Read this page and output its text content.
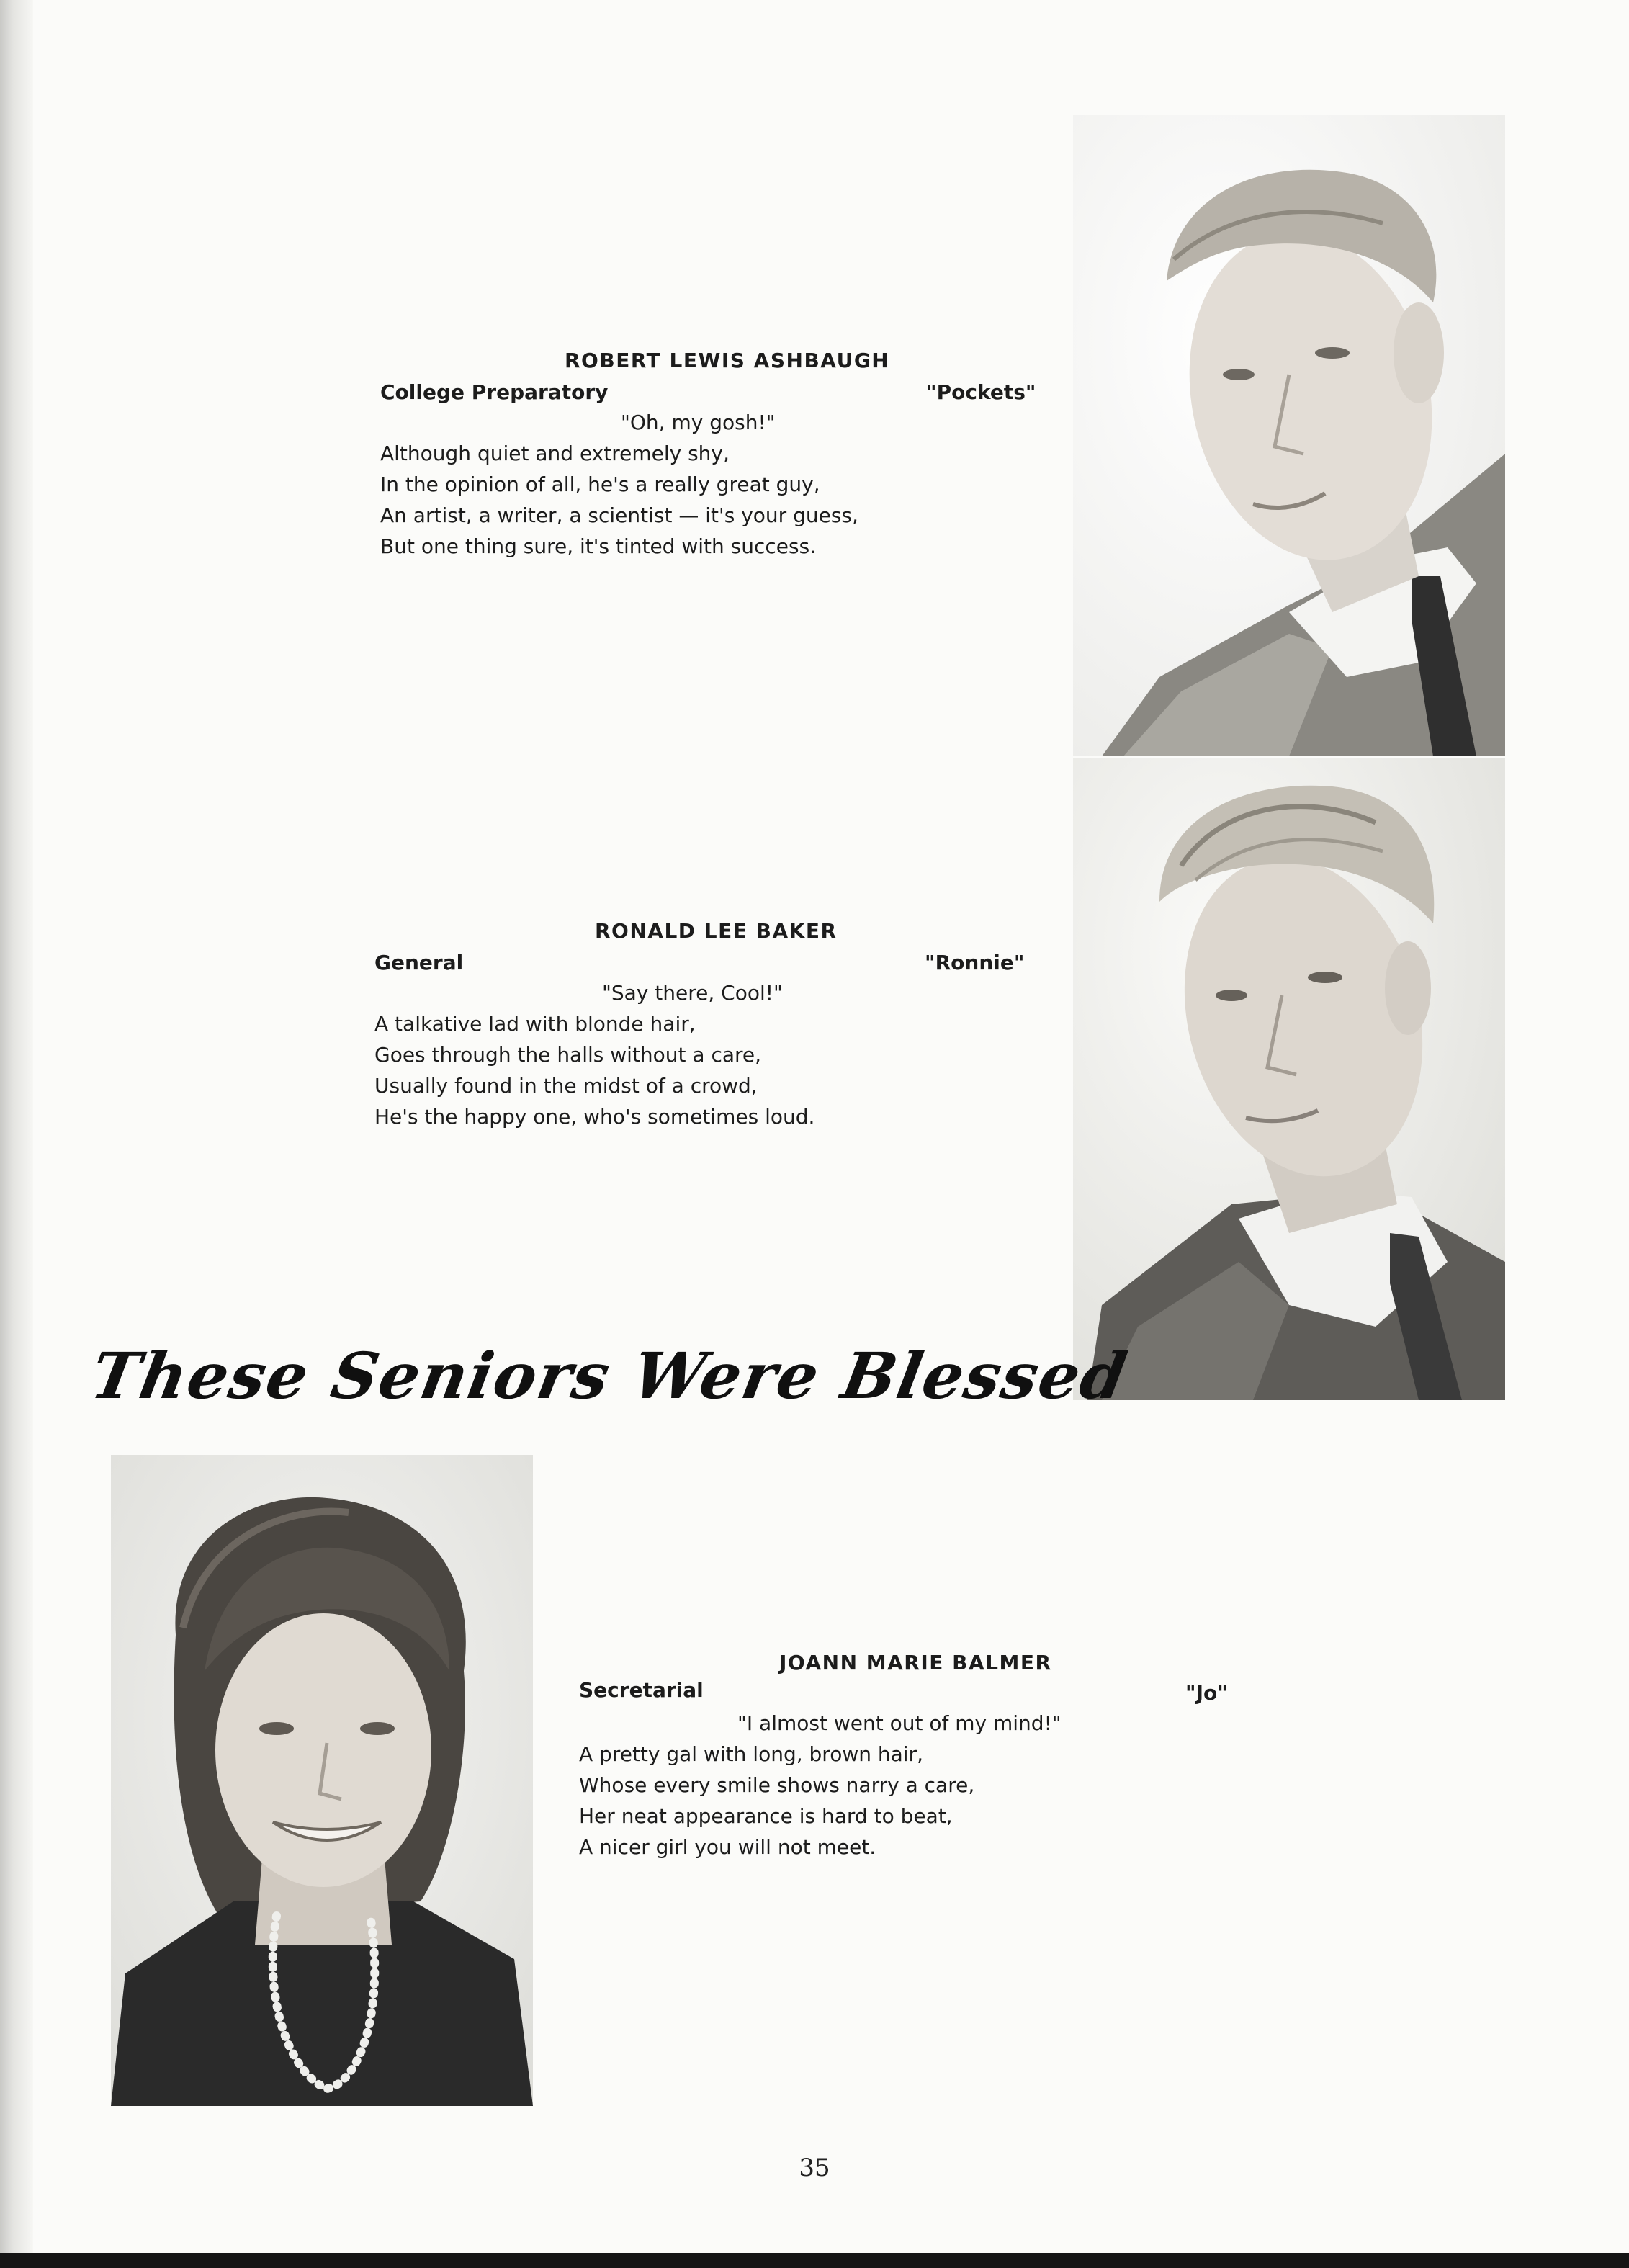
ROBERT LEWIS ASHBAUGH
College Preparatory	"Pockets"
"Oh, my gosh!"
Although quiet and extremely shy,
In the opinion of all, he's a really great guy,
An artist, a writer, a scientist — it's your guess,
But one thing sure, it's tinted with success.
RONALD LEE BAKER
General	"Ronnie"
"Say there, Cool!"
A talkative lad with blonde hair,
Goes through the halls without a care,
Usually found in the midst of a crowd,
He's the happy one, who's sometimes loud.
These Seniors Were Blessed
JOANN MARIE BALMER
Secretarial	"Jo"
"I almost went out of my mind!"
A pretty gal with long, brown hair,
Whose every smile shows narry a care,
Her neat appearance is hard to beat,
A nicer girl you will not meet.
35
